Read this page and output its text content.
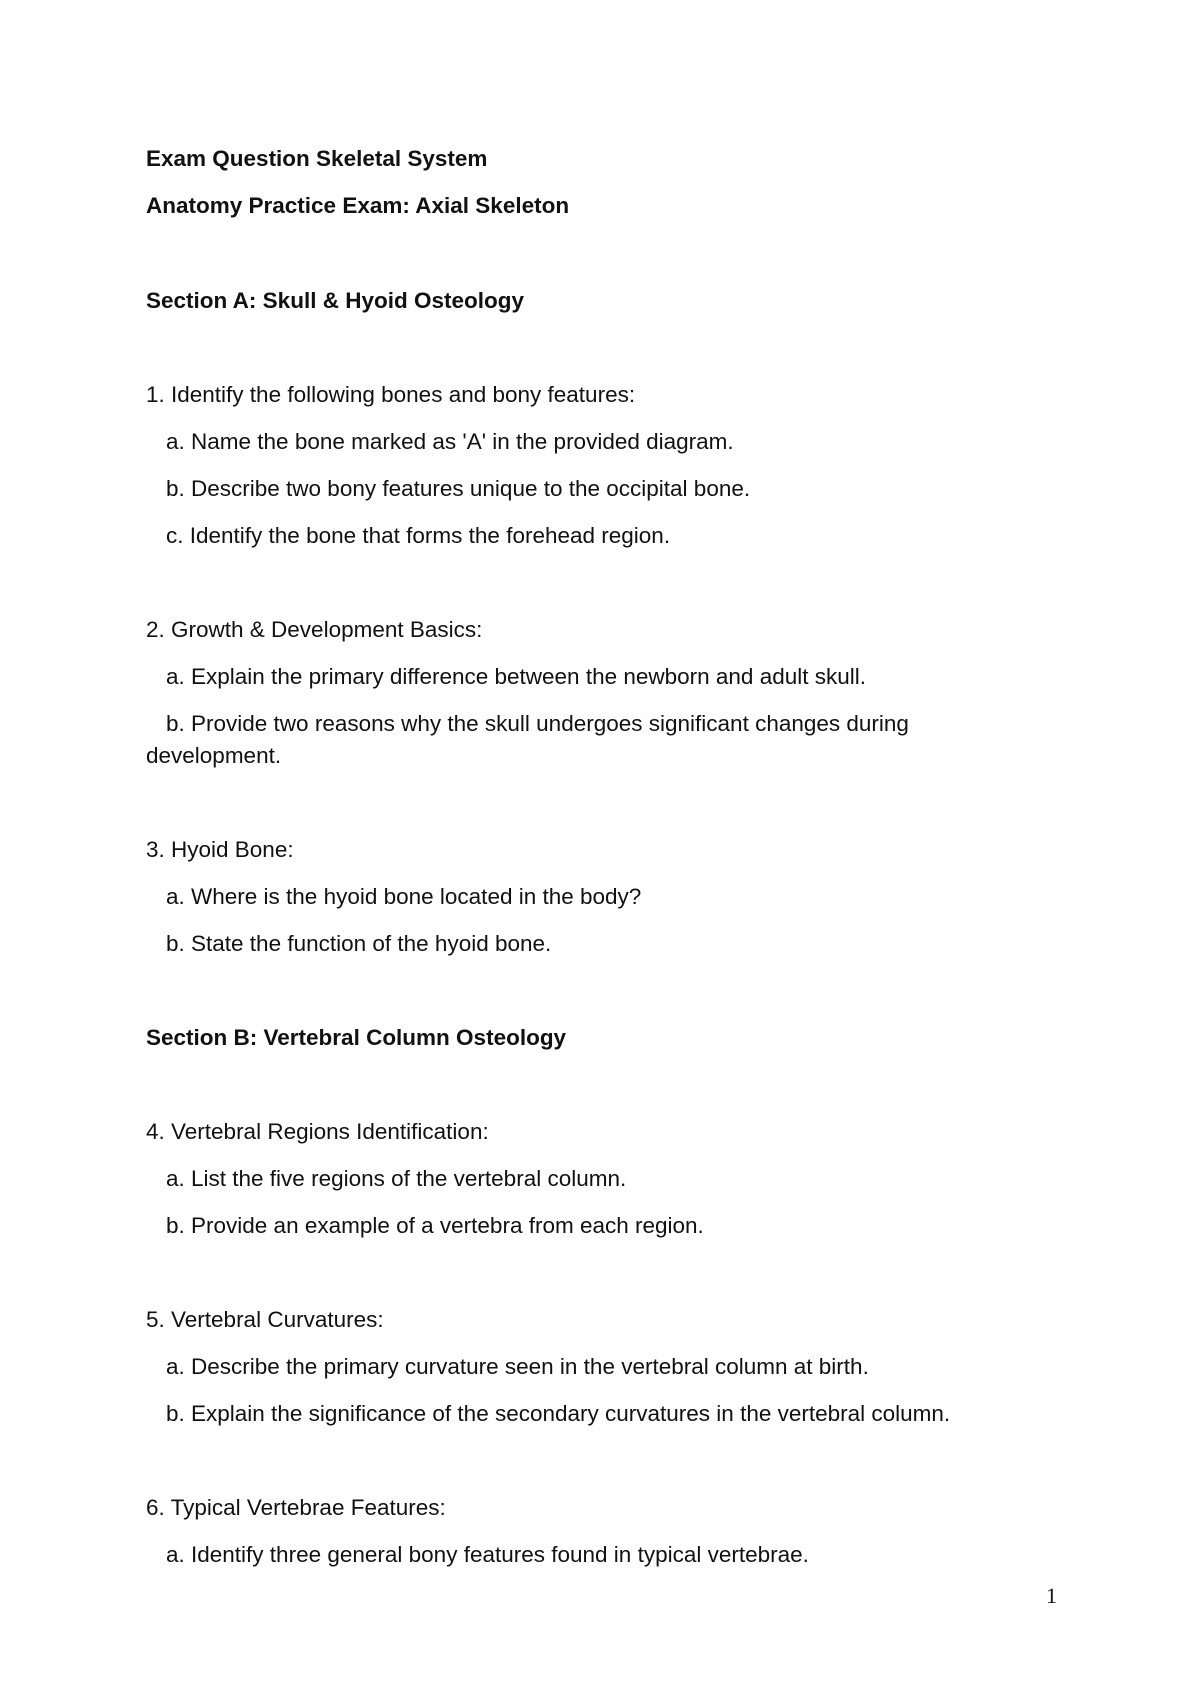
Exam Question Skeletal System

Anatomy Practice Exam: Axial Skeleton

Section A: Skull & Hyoid Osteology

1. Identify the following bones and bony features:

a. Name the bone marked as 'A' in the provided diagram.

b. Describe two bony features unique to the occipital bone.

c. Identify the bone that forms the forehead region.

2. Growth & Development Basics:

a. Explain the primary difference between the newborn and adult skull.

b. Provide two reasons why the skull undergoes significant changes during development.

3. Hyoid Bone:

a. Where is the hyoid bone located in the body?

b. State the function of the hyoid bone.

Section B: Vertebral Column Osteology

4. Vertebral Regions Identification:

a. List the five regions of the vertebral column.

b. Provide an example of a vertebra from each region.

5. Vertebral Curvatures:

a. Describe the primary curvature seen in the vertebral column at birth.

b. Explain the significance of the secondary curvatures in the vertebral column.

6. Typical Vertebrae Features:

a. Identify three general bony features found in typical vertebrae.

1
